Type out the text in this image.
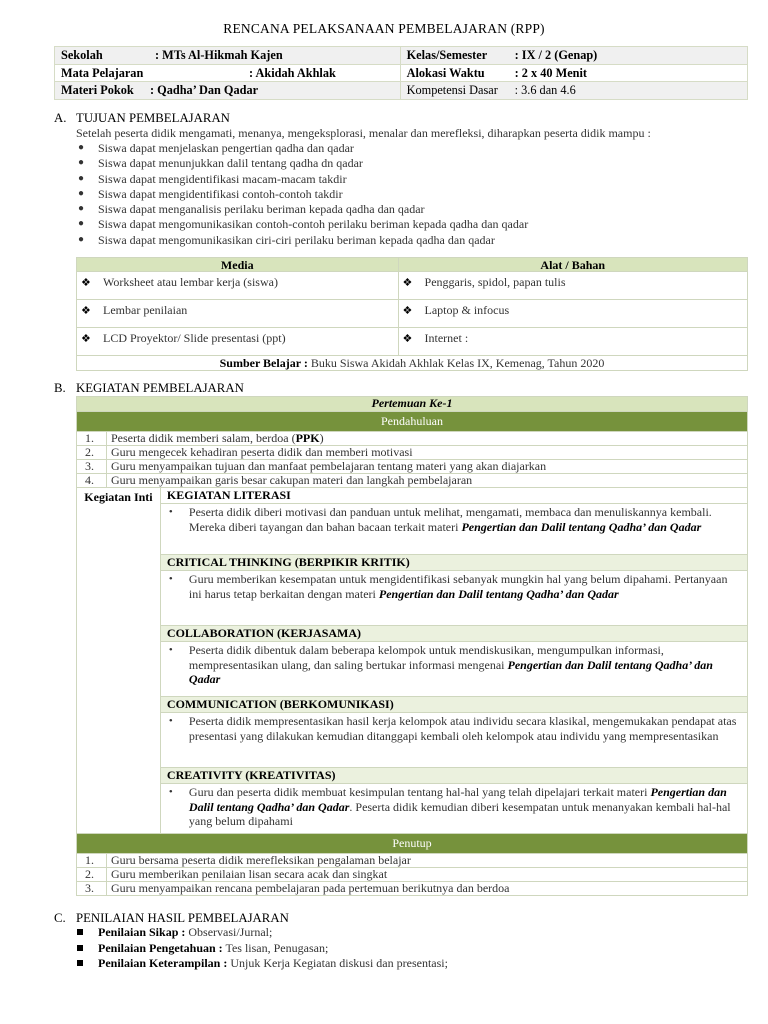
RENCANA PELAKSANAAN PEMBELAJARAN (RPP)
Sekolah : MTs Al-Hikmah Kajen	Kelas/Semester : IX / 2 (Genap)
Mata Pelajaran : Akidah Akhlak	Alokasi Waktu : 2 x 40 Menit
Materi Pokok : Qadha’ Dan Qadar	Kompetensi Dasar : 3.6 dan 4.6
A. TUJUAN PEMBELAJARAN
Setelah peserta didik mengamati, menanya, mengeksplorasi, menalar dan merefleksi, diharapkan peserta didik mampu :
● Siswa dapat menjelaskan pengertian qadha dan qadar
● Siswa dapat menunjukkan dalil tentang qadha dn qadar
● Siswa dapat mengidentifikasi macam-macam takdir
● Siswa dapat mengidentifikasi contoh-contoh takdir
● Siswa dapat menganalisis perilaku beriman kepada qadha dan qadar
● Siswa dapat mengomunikasikan contoh-contoh perilaku beriman kepada qadha dan qadar
● Siswa dapat mengomunikasikan ciri-ciri perilaku beriman kepada qadha dan qadar
Media	Alat / Bahan
❖ Worksheet atau lembar kerja (siswa)	❖ Penggaris, spidol, papan tulis
❖ Lembar penilaian	❖ Laptop & infocus
❖ LCD Proyektor/ Slide presentasi (ppt)	❖ Internet :
Sumber Belajar : Buku Siswa Akidah Akhlak Kelas IX, Kemenag, Tahun 2020	
B. KEGIATAN PEMBELAJARAN
Pertemuan Ke-1		
Pendahuluan		
1.	Peserta didik memberi salam, berdoa (PPK)	
2.	Guru mengecek kehadiran peserta didik dan memberi motivasi	
3.	Guru menyampaikan tujuan dan manfaat pembelajaran tentang materi yang akan diajarkan	
4.	Guru menyampaikan garis besar cakupan materi dan langkah pembelajaran	
Kegiatan Inti		KEGIATAN LITERASI

		• Peserta didik diberi motivasi dan panduan untuk melihat, mengamati, membaca dan menuliskannya kembali. Mereka diberi tayangan dan bahan bacaan terkait materi Pengertian dan Dalil tentang Qadha’ dan Qadar

		CRITICAL THINKING (BERPIKIR KRITIK)

		• Guru memberikan kesempatan untuk mengidentifikasi sebanyak mungkin hal yang belum dipahami. Pertanyaan ini harus tetap berkaitan dengan materi Pengertian dan Dalil tentang Qadha’ dan Qadar

		COLLABORATION (KERJASAMA)

		• Peserta didik dibentuk dalam beberapa kelompok untuk mendiskusikan, mengumpulkan informasi, mempresentasikan ulang, dan saling bertukar informasi mengenai Pengertian dan Dalil tentang Qadha’ dan Qadar

		COMMUNICATION (BERKOMUNIKASI)

		• Peserta didik mempresentasikan hasil kerja kelompok atau individu secara klasikal, mengemukakan pendapat atas presentasi yang dilakukan kemudian ditanggapi kembali oleh kelompok atau individu yang mempresentasikan

		CREATIVITY (KREATIVITAS)

		• Guru dan peserta didik membuat kesimpulan tentang hal-hal yang telah dipelajari terkait materi Pengertian dan Dalil tentang Qadha’ dan Qadar. Peserta didik kemudian diberi kesempatan untuk menanyakan kembali hal-hal yang belum dipahami

Penutup		
1.	Guru bersama peserta didik merefleksikan pengalaman belajar	
2.	Guru memberikan penilaian lisan secara acak dan singkat	
3.	Guru menyampaikan rencana pembelajaran pada pertemuan berikutnya dan berdoa	
C. PENILAIAN HASIL PEMBELAJARAN
Penilaian Sikap : Observasi/Jurnal;
Penilaian Pengetahuan : Tes lisan, Penugasan;
Penilaian Keterampilan : Unjuk Kerja Kegiatan diskusi dan presentasi;
